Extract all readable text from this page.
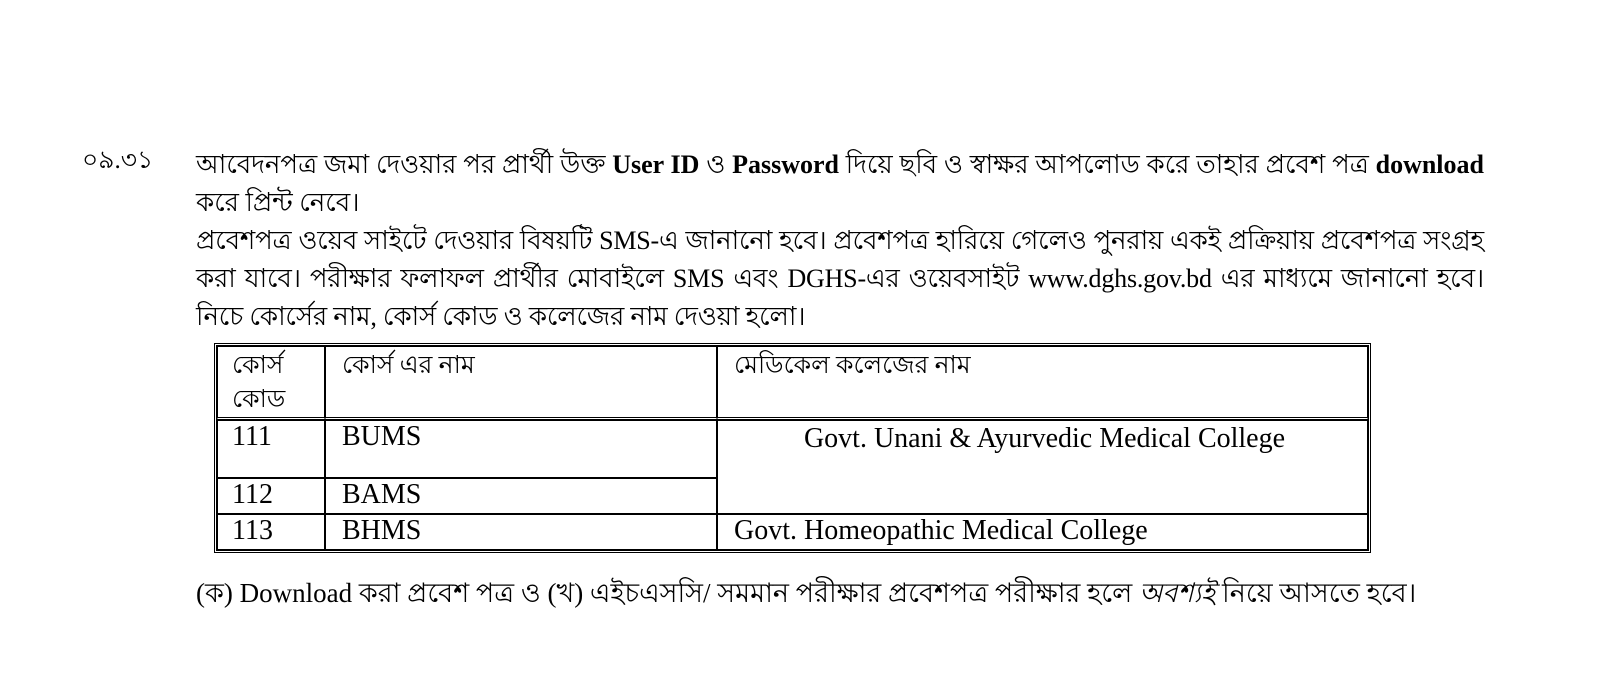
০৯.৩১ আবেদনপত্র জমা দেওয়ার পর প্রার্থী উক্ত User ID ও Password দিয়ে ছবি ও স্বাক্ষর আপলোড করে তাহার প্রবেশ পত্র download করে প্রিন্ট নেবে।

প্রবেশপত্র ওয়েব সাইটে দেওয়ার বিষয়টি SMS-এ জানানো হবে। প্রবেশপত্র হারিয়ে গেলেও পুনরায় একই প্রক্রিয়ায় প্রবেশপত্র সংগ্রহ করা যাবে। পরীক্ষার ফলাফল প্রার্থীর মোবাইলে SMS এবং DGHS-এর ওয়েবসাইট www.dghs.gov.bd এর মাধ্যমে জানানো হবে। নিচে কোর্সের নাম, কোর্স কোড ও কলেজের নাম দেওয়া হলো।

কোর্স কোড	কোর্স এর নাম	মেডিকেল কলেজের নাম
111	BUMS	Govt. Unani & Ayurvedic Medical College
112	BAMS	
113	BHMS	Govt. Homeopathic Medical College
(ক) Download করা প্রবেশ পত্র ও (খ) এইচএসসি/ সমমান পরীক্ষার প্রবেশপত্র পরীক্ষার হলে অবশ্যই নিয়ে আসতে হবে।
